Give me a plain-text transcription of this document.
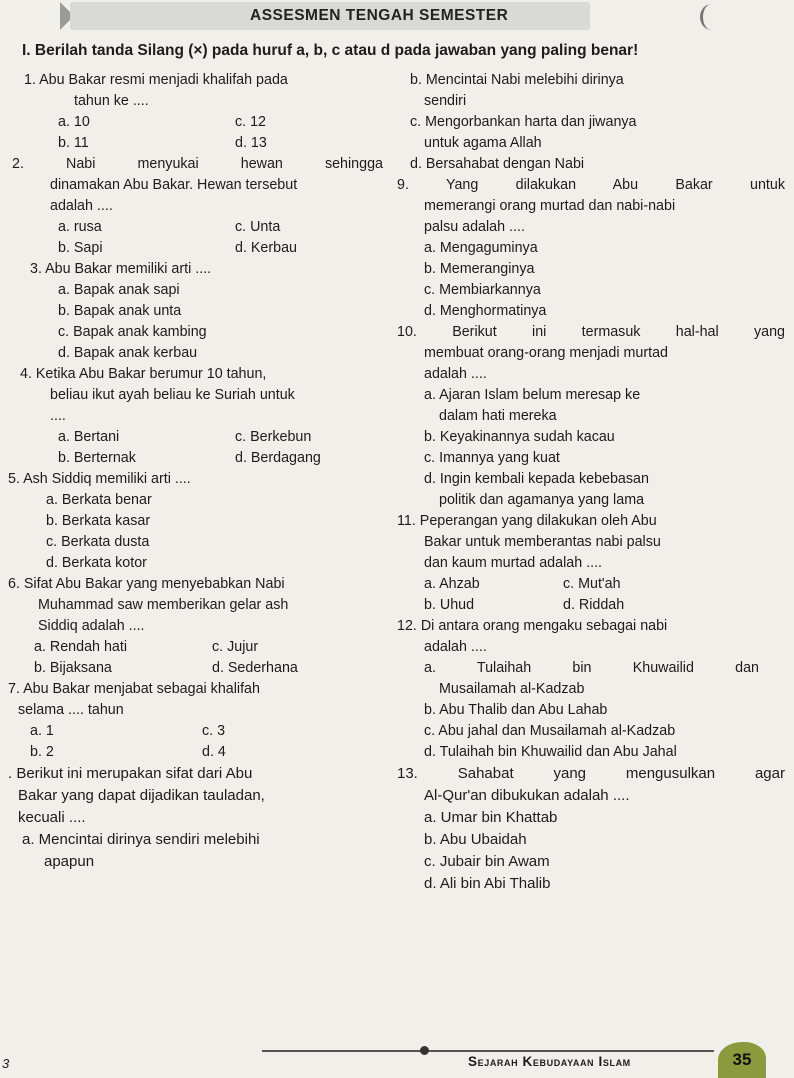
ASSESMEN TENGAH SEMESTER
I. Berilah tanda Silang (×) pada huruf a, b, c atau d pada jawaban yang paling benar!
1. Abu Bakar resmi menjadi khalifah pada
tahun ke ....
a. 10	c. 12
b. 11	d. 13
2. Nabi menyukai hewan sehingga
dinamakan Abu Bakar. Hewan tersebut
adalah ....
a. rusa	c. Unta
b. Sapi	d. Kerbau
3. Abu Bakar memiliki arti ....
a. Bapak anak sapi
b. Bapak anak unta
c. Bapak anak kambing
d. Bapak anak kerbau
4. Ketika Abu Bakar berumur 10 tahun,
beliau ikut ayah beliau ke Suriah untuk
....
a. Bertani	c. Berkebun
b. Berternak	d. Berdagang
5. Ash Siddiq memiliki arti ....
a. Berkata benar
b. Berkata kasar
c. Berkata dusta
d. Berkata kotor
6. Sifat Abu Bakar yang menyebabkan Nabi
Muhammad saw memberikan gelar ash
Siddiq adalah ....
a. Rendah hati	c. Jujur
b. Bijaksana	d. Sederhana
7. Abu Bakar menjabat sebagai khalifah
selama .... tahun
a. 1	c. 3
b. 2	d. 4
. Berikut ini merupakan sifat dari Abu
Bakar yang dapat dijadikan tauladan,
kecuali ....
a. Mencintai dirinya sendiri melebihi
apapun
b. Mencintai Nabi melebihi dirinya
sendiri
c. Mengorbankan harta dan jiwanya
untuk agama Allah
d. Bersahabat dengan Nabi
9. Yang dilakukan Abu Bakar untuk
memerangi orang murtad dan nabi-nabi
palsu adalah ....
a. Mengaguminya
b. Memeranginya
c. Membiarkannya
d. Menghormatinya
10. Berikut ini termasuk hal-hal yang
membuat orang-orang menjadi murtad
adalah ....
a. Ajaran Islam belum meresap ke
dalam hati mereka
b. Keyakinannya sudah kacau
c. Imannya yang kuat
d. Ingin kembali kepada kebebasan
politik dan agamanya yang lama
11. Peperangan yang dilakukan oleh Abu
Bakar untuk memberantas nabi palsu
dan kaum murtad adalah ....
a. Ahzab	c. Mut'ah
b. Uhud	d. Riddah
12. Di antara orang mengaku sebagai nabi
adalah ....
a. Tulaihah bin Khuwailid dan
Musailamah al-Kadzab
b. Abu Thalib dan Abu Lahab
c. Abu jahal dan Musailamah al-Kadzab
d. Tulaihah bin Khuwailid dan Abu Jahal
13. Sahabat yang mengusulkan agar
Al-Qur'an dibukukan adalah ....
a. Umar bin Khattab
b. Abu Ubaidah
c. Jubair bin Awam
d. Ali bin Abi Thalib
3	Sejarah Kebudayaan Islam	35
